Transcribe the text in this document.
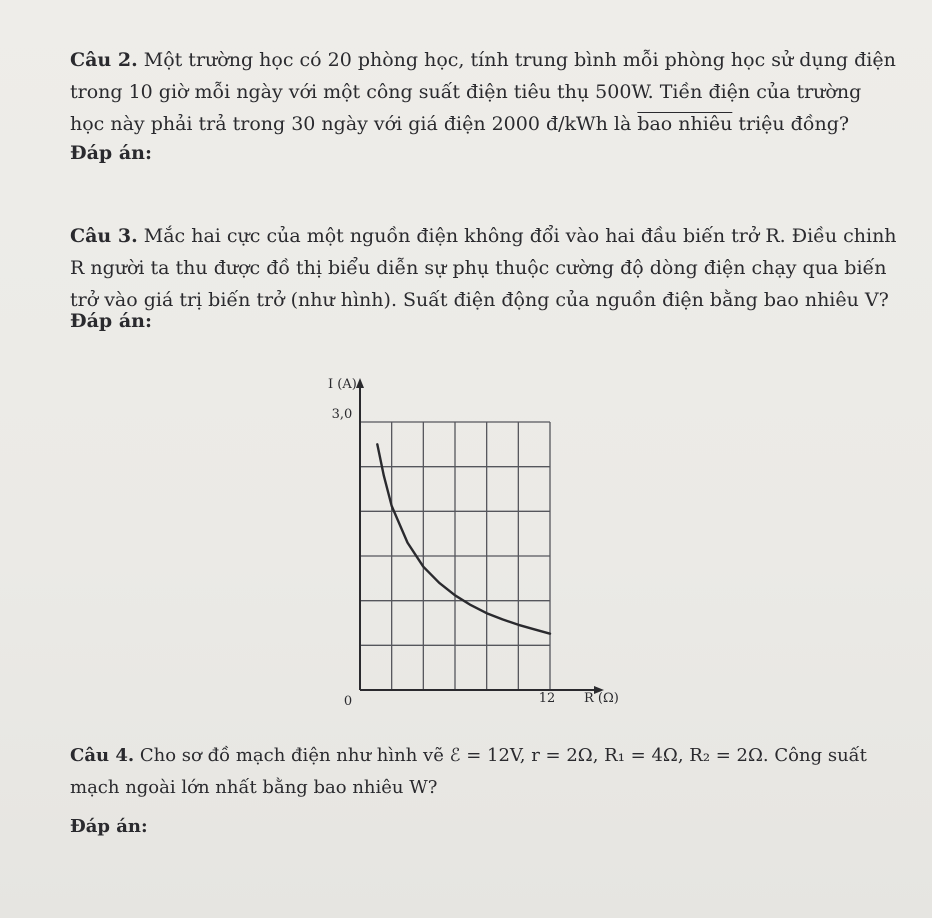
Câu 2. Một trường học có 20 phòng học, tính trung bình mỗi phòng học sử dụng điện trong 10 giờ mỗi ngày với một công suất điện tiêu thụ 500W. Tiền điện của trường học này phải trả trong 30 ngày với giá điện 2000 đ/kWh là bao nhiêu triệu đồng?
Đáp án:
Câu 3. Mắc hai cực của một nguồn điện không đổi vào hai đầu biến trở R. Điều chinh R người ta thu được đồ thị biểu diễn sự phụ thuộc cường độ dòng điện chạy qua biến trở vào giá trị biến trở (như hình). Suất điện động của nguồn điện bằng bao nhiêu V?
Đáp án:
I (A)
3,0
0	12 R (Ω)
Câu 4. Cho sơ đồ mạch điện như hình vẽ ℰ = 12V, r = 2Ω, R₁ = 4Ω, R₂ = 2Ω. Công suất mạch ngoài lớn nhất bằng bao nhiêu W?
Đáp án:
